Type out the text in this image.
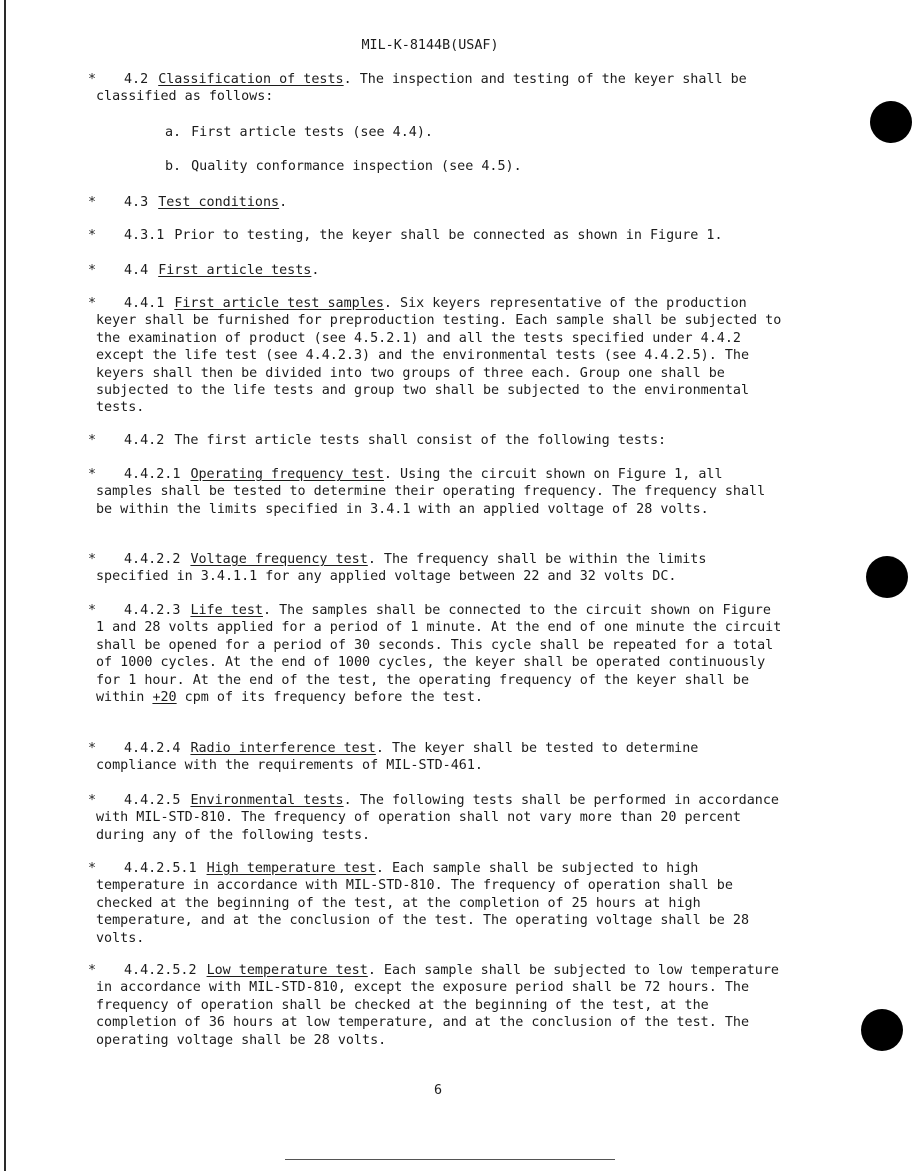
MIL-K-8144B(USAF)
* 4.2 Classification of tests. The inspection and testing of the keyer shall be classified as follows:
a. First article tests (see 4.4).
b. Quality conformance inspection (see 4.5).
* 4.3 Test conditions.
* 4.3.1 Prior to testing, the keyer shall be connected as shown in Figure 1.
* 4.4 First article tests.
* 4.4.1 First article test samples. Six keyers representative of the production keyer shall be furnished for preproduction testing. Each sample shall be subjected to the examination of product (see 4.5.2.1) and all the tests specified under 4.4.2 except the life test (see 4.4.2.3) and the environmental tests (see 4.4.2.5). The keyers shall then be divided into two groups of three each. Group one shall be subjected to the life tests and group two shall be subjected to the environmental tests.
* 4.4.2 The first article tests shall consist of the following tests:
* 4.4.2.1 Operating frequency test. Using the circuit shown on Figure 1, all samples shall be tested to determine their operating frequency. The frequency shall be within the limits specified in 3.4.1 with an applied voltage of 28 volts.
* 4.4.2.2 Voltage frequency test. The frequency shall be within the limits specified in 3.4.1.1 for any applied voltage between 22 and 32 volts DC.
* 4.4.2.3 Life test. The samples shall be connected to the circuit shown on Figure 1 and 28 volts applied for a period of 1 minute. At the end of one minute the circuit shall be opened for a period of 30 seconds. This cycle shall be repeated for a total of 1000 cycles. At the end of 1000 cycles, the keyer shall be operated continuously for 1 hour. At the end of the test, the operating frequency of the keyer shall be within +20 cpm of its frequency before the test.
* 4.4.2.4 Radio interference test. The keyer shall be tested to determine compliance with the requirements of MIL-STD-461.
* 4.4.2.5 Environmental tests. The following tests shall be performed in accordance with MIL-STD-810. The frequency of operation shall not vary more than 20 percent during any of the following tests.
* 4.4.2.5.1 High temperature test. Each sample shall be subjected to high temperature in accordance with MIL-STD-810. The frequency of operation shall be checked at the beginning of the test, at the completion of 25 hours at high temperature, and at the conclusion of the test. The operating voltage shall be 28 volts.
* 4.4.2.5.2 Low temperature test. Each sample shall be subjected to low temperature in accordance with MIL-STD-810, except the exposure period shall be 72 hours. The frequency of operation shall be checked at the beginning of the test, at the completion of 36 hours at low temperature, and at the conclusion of the test. The operating voltage shall be 28 volts.
6
